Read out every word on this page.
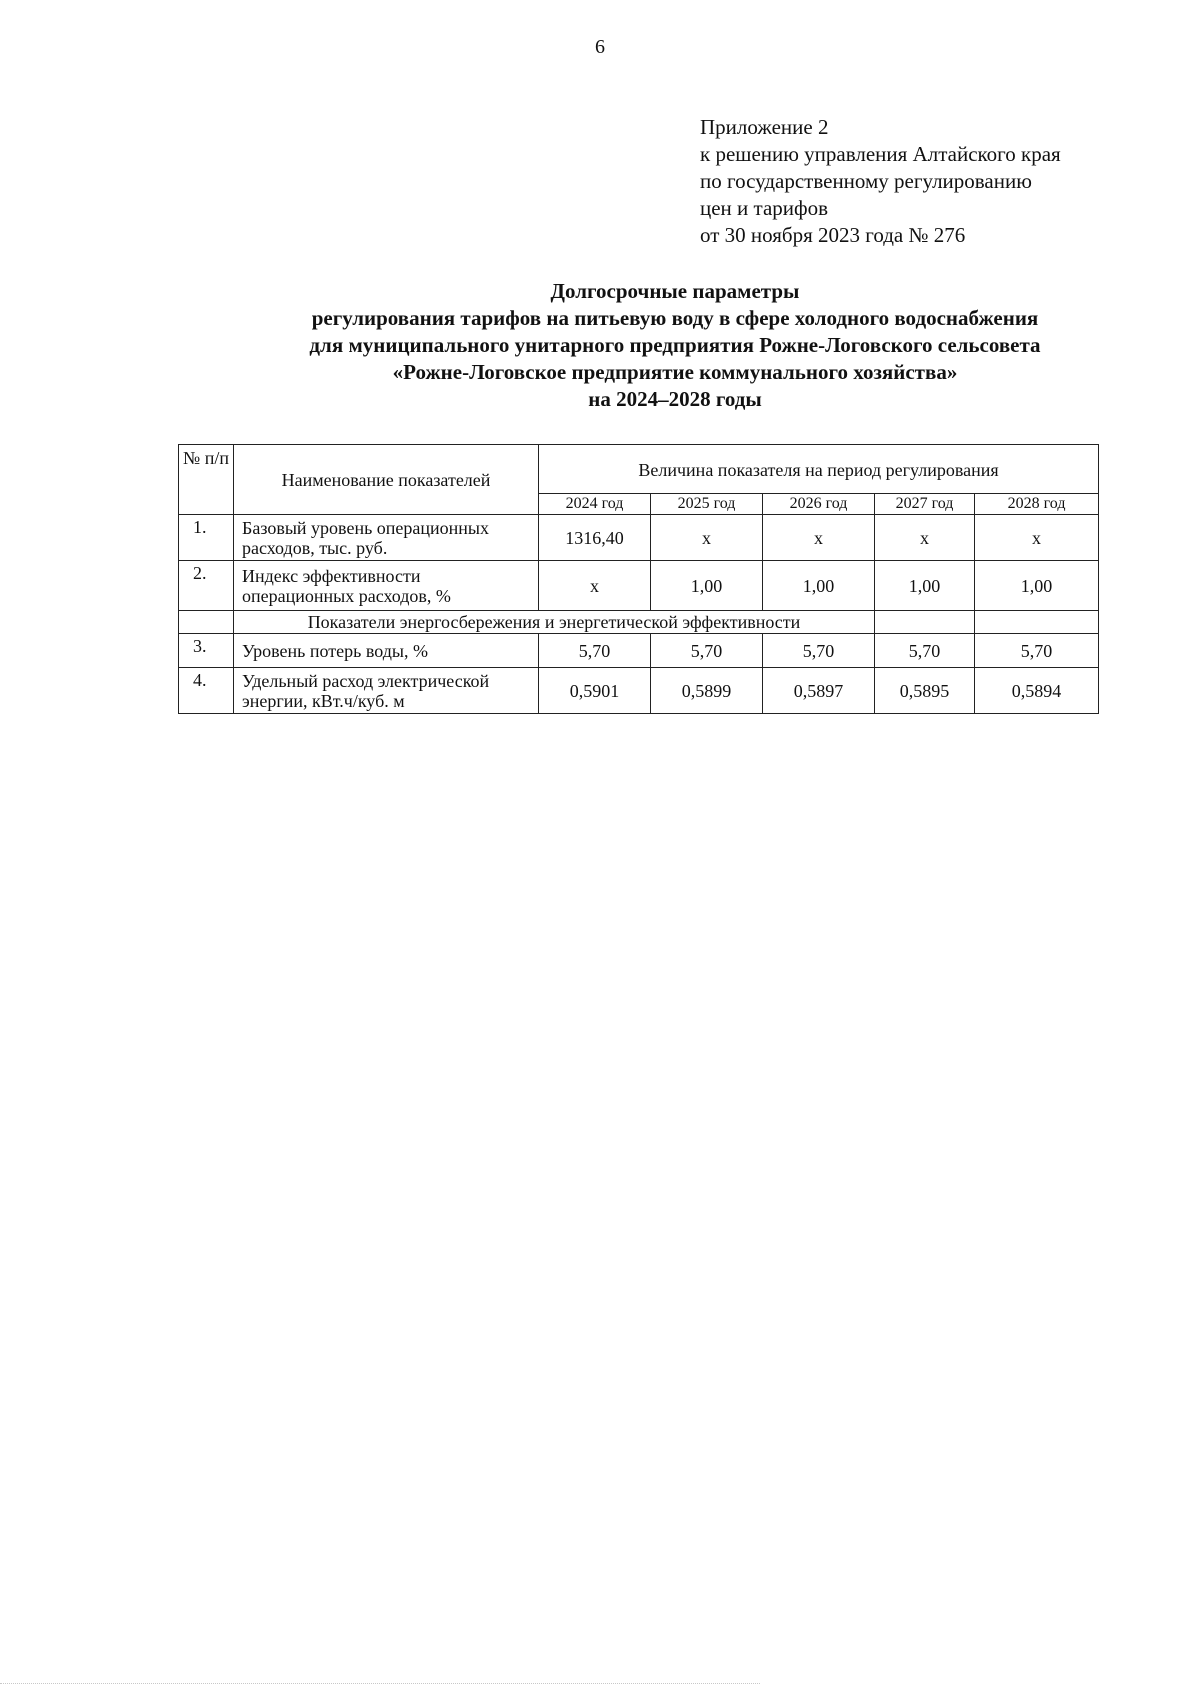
6
Приложение 2
к решению управления Алтайского края
по государственному регулированию
цен и тарифов
от 30 ноября 2023 года № 276
Долгосрочные параметры
регулирования тарифов на питьевую воду в сфере холодного водоснабжения
для муниципального унитарного предприятия Рожне-Логовского сельсовета
«Рожне-Логовское предприятие коммунального хозяйства»
на 2024–2028 годы
№ п/п	Наименование показателей	Величина показателя на период регулирования				
		2024 год	2025 год	2026 год	2027 год	2028 год
1.	Базовый уровень операционных расходов, тыс. руб.	1316,40	x	x	x	x
2.	Индекс эффективности операционных расходов, %	x	1,00	1,00	1,00	1,00
	Показатели энергосбережения и энергетической эффективности					
3.	Уровень потерь воды, %	5,70	5,70	5,70	5,70	5,70
4.	Удельный расход электрической энергии, кВт.ч/куб. м	0,5901	0,5899	0,5897	0,5895	0,5894
